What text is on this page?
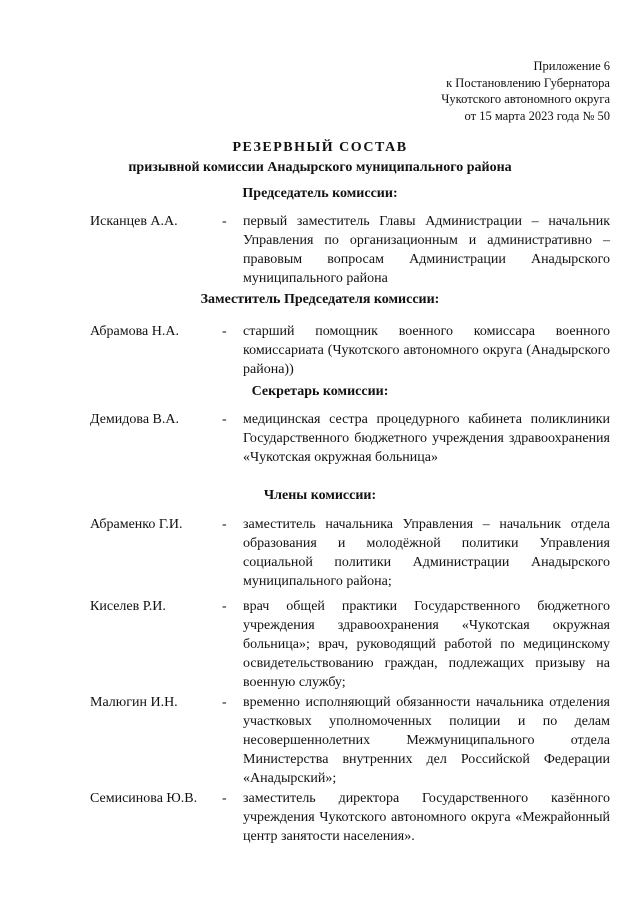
Приложение 6
к Постановлению Губернатора
Чукотского автономного округа
от 15 марта 2023 года № 50
РЕЗЕРВНЫЙ СОСТАВ
призывной комиссии Анадырского муниципального района
Председатель комиссии:
Исканцев А.А.	- первый заместитель Главы Администрации – начальник Управления по организационным и административно – правовым вопросам Администрации Анадырского муниципального района
Заместитель Председателя комиссии:
Абрамова Н.А.	- старший помощник военного комиссара военного комиссариата (Чукотского автономного округа (Анадырского района))
Секретарь комиссии:
Демидова В.А.	- медицинская сестра процедурного кабинета поликлиники Государственного бюджетного учреждения здравоохранения «Чукотская окружная больница»
Члены комиссии:
Абраменко Г.И.	- заместитель начальника Управления – начальник отдела образования и молодёжной политики Управления социальной политики Администрации Анадырского муниципального района;
Киселев Р.И.	- врач общей практики Государственного бюджетного учреждения здравоохранения «Чукотская окружная больница»; врач, руководящий работой по медицинскому освидетельствованию граждан, подлежащих призыву на военную службу;
Малюгин И.Н.	- временно исполняющий обязанности начальника отделения участковых уполномоченных полиции и по делам несовершеннолетних Межмуниципального отдела Министерства внутренних дел Российской Федерации «Анадырский»;
Семисинова Ю.В. - заместитель директора Государственного казённого учреждения Чукотского автономного округа «Межрайонный центр занятости населения».
